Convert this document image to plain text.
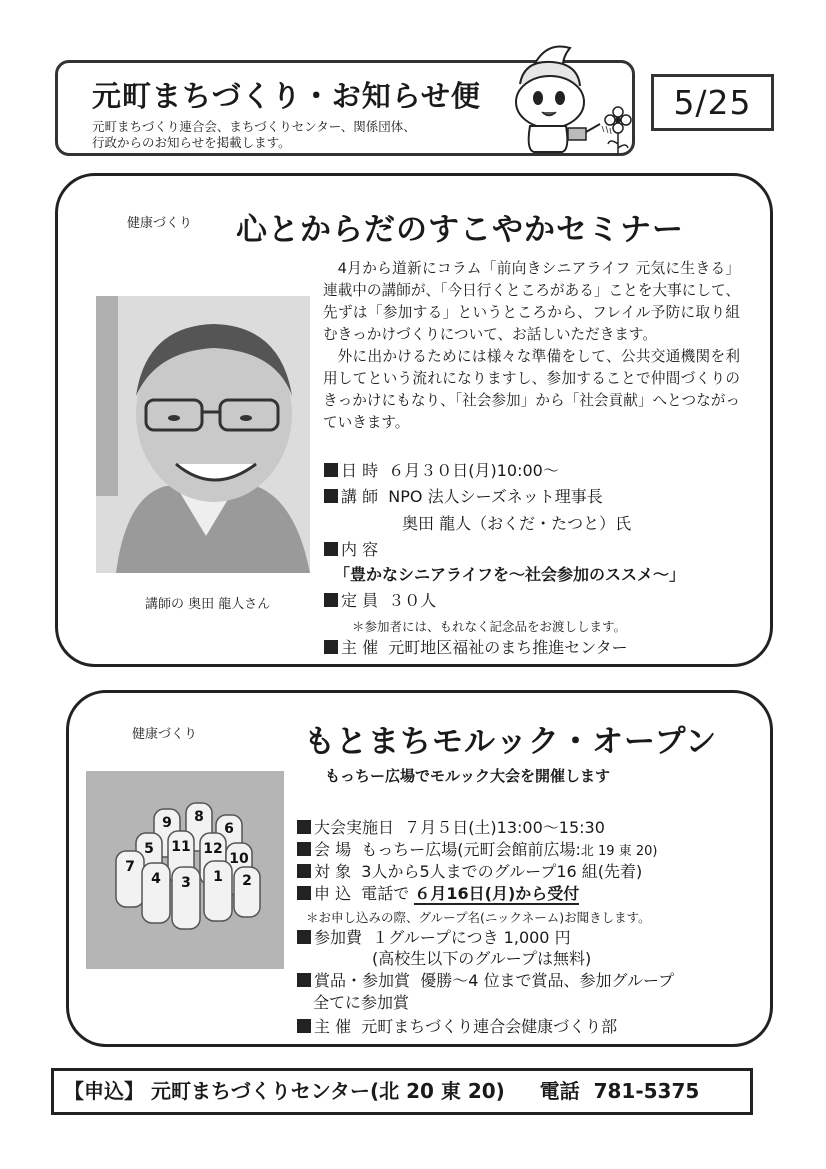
元町まちづくり・お知らせ便
元町まちづくり連合会、まちづくりセンター、関係団体、
行政からのお知らせを掲載します。
5/25
健康づくり 心とからだのすこやかセミナー
講師の 奥田 龍人さん

4月から道新にコラム「前向きシニアライフ 元気に生きる」連載中の講師が、「今日行くところがある」ことを大事にして、先ずは「参加する」というところから、フレイル予防に取り組むきっかけづくりについて、お話しいただきます。

外に出かけるためには様々な準備をして、公共交通機関を利用してという流れになりますし、参加することで仲間づくりのきっかけにもなり、「社会参加」から「社会貢献」へとつながっていきます。

日 時 ６月３０日(月)10:00～
講 師 NPO 法人シーズネット理事長
奥田 龍人（おくだ・たつと）氏
内 容
「豊かなシニアライフを～社会参加のススメ～」
定 員 ３０人
＊参加者には、もれなく記念品をお渡しします。
主 催 元町地区福祉のまち推進センター
健康づくり	もとまちモルック・オープン
もっちー広場でモルック大会を開催します
9 8
6
5
7
11 12
10
4	1
3	2
大会実施日 ７月５日(土)13:00～15:30
会 場 もっちー広場(元町会館前広場:北 19 東 20)
対 象 3人から5人までのグループ16 組(先着)
申 込 電話で ６月16日(月)から受付
＊お申し込みの際、グループ名(ニックネーム)お聞きします。
参加費 １グループにつき 1,000 円
(高校生以下のグループは無料)
賞品・参加賞 優勝～4 位まで賞品、参加グループ
全てに参加賞
主 催 元町まちづくり連合会健康づくり部
【申込】 元町まちづくりセンター(北 20 東 20) 電話 781-5375
